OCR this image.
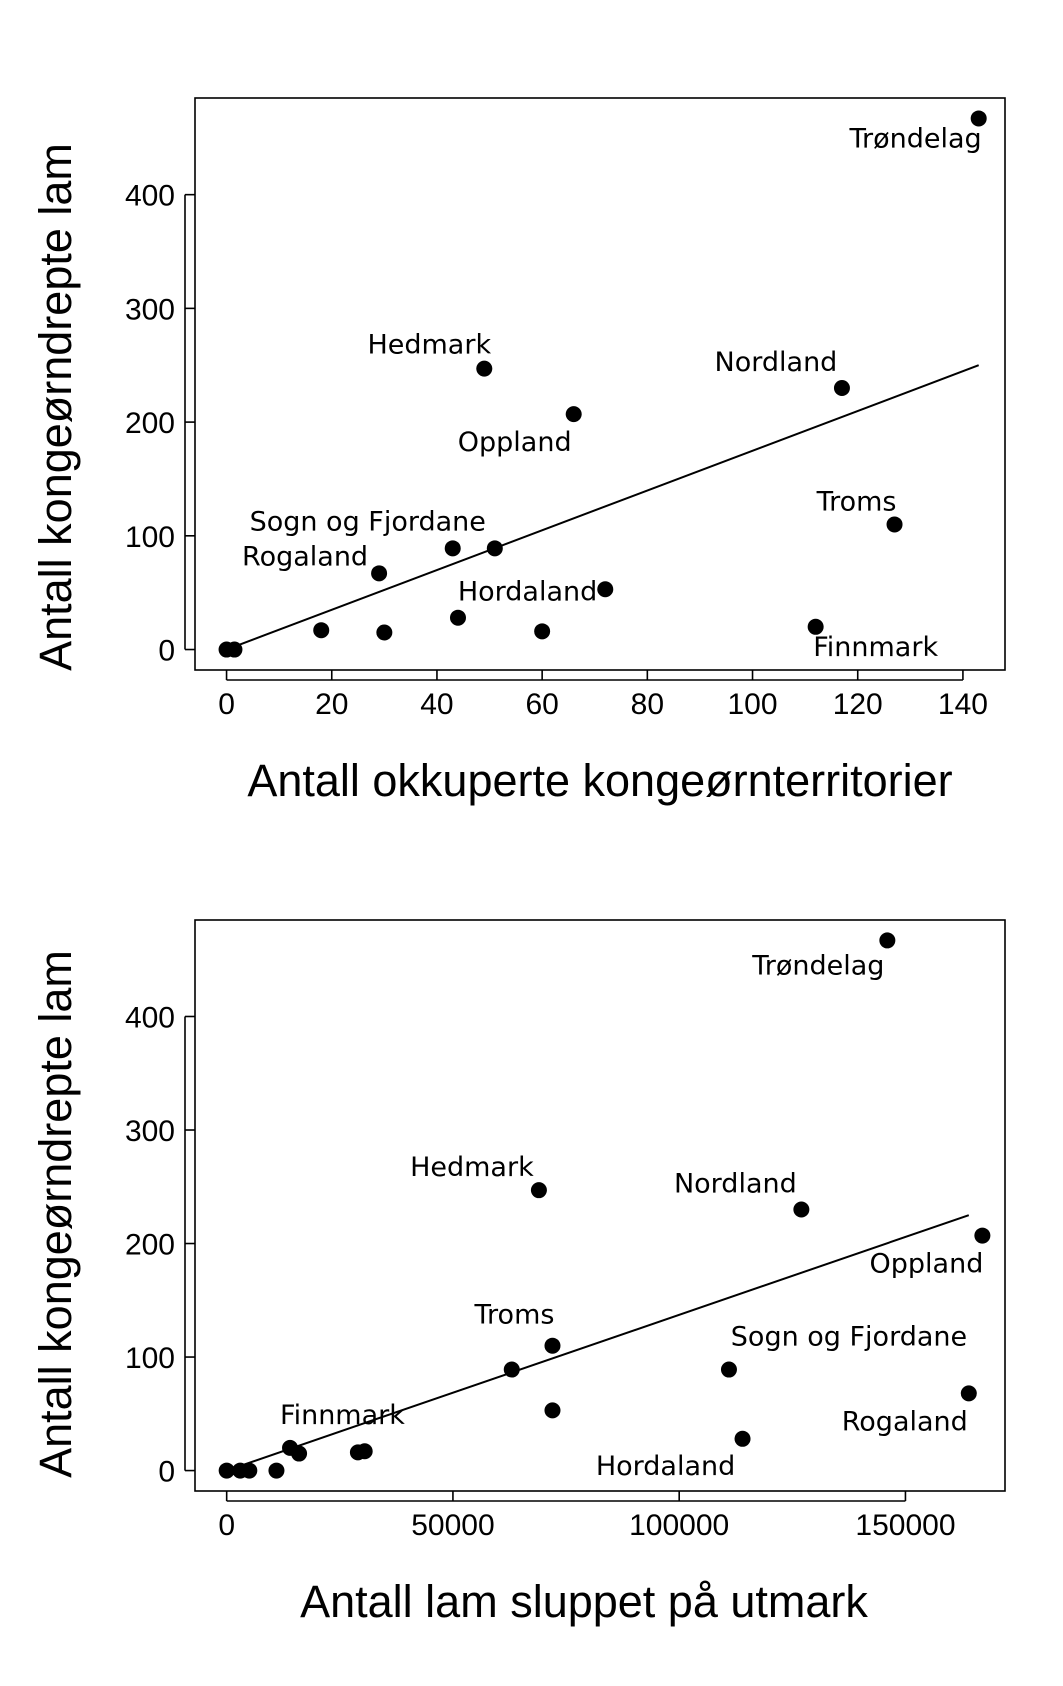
0	20 40 60 80 100 120 140
0
100
200
300
400
Trøndelag
Hedmark
Nordland
Oppland
Troms
Sogn og Fjordane
Rogaland
Hordaland
Finnmark
Antall okkuperte kongeørnterritorier
Antall kongeørndrepte lam
0	50000	100000	150000
0
100
200
300
400
Trøndelag
Hedmark
Nordland
Oppland
Troms
Sogn og Fjordane
Rogaland
Hordaland
Finnmark
Antall lam sluppet på utmark
Antall kongeørndrepte lam
